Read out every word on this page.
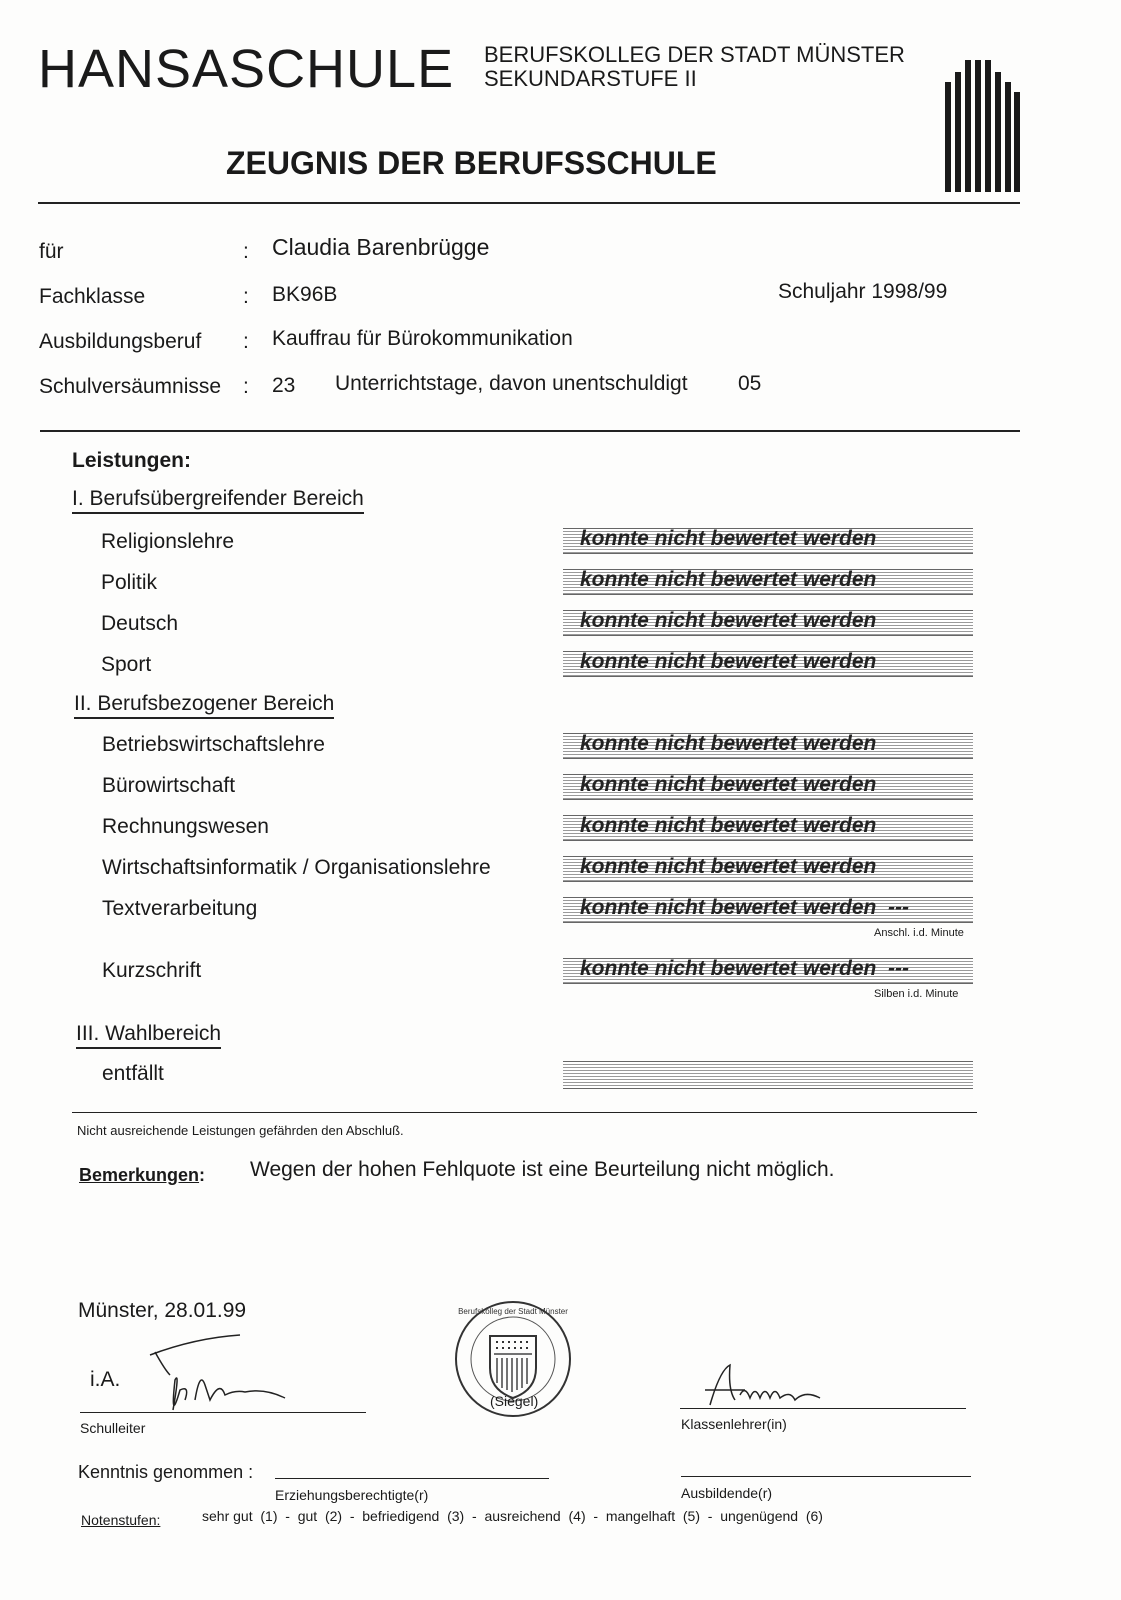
HANSASCHULE BERUFSKOLLEG DER STADT MÜNSTER
SEKUNDARSTUFE II
ZEUGNIS DER BERUFSSCHULE
für	: Claudia Barenbrügge
Fachklasse	: BK96B	Schuljahr 1998/99
Ausbildungsberuf : Kauffrau für Bürokommunikation
Schulversäumnisse : 23 Unterrichtstage, davon unentschuldigt 05
Leistungen:
I. Berufsübergreifender Bereich
II. Berufsbezogener Bereich
III. Wahlbereich
Religionslehre	konnte nicht bewertet werden
Politik	konnte nicht bewertet werden
Deutsch	konnte nicht bewertet werden
Sport	konnte nicht bewertet werden
Betriebswirtschaftslehre	konnte nicht bewertet werden
Bürowirtschaft	konnte nicht bewertet werden
Rechnungswesen	konnte nicht bewertet werden
Wirtschaftsinformatik / Organisationslehre	konnte nicht bewertet werden
Textverarbeitung	konnte nicht bewertet werden  ---
Anschl. i.d. Minute
Kurzschrift	konnte nicht bewertet werden  ---
Silben i.d. Minute
entfällt
Nicht ausreichende Leistungen gefährden den Abschluß.
Bemerkungen: Wegen der hohen Fehlquote ist eine Beurteilung nicht möglich.
Münster, 28.01.99
i.A.
Schulleiter
Berufskolleg der Stadt Münster
(Siegel)
Klassenlehrer(in)
Kenntnis genommen :
Erziehungsberechtigte(r)	Ausbildende(r)
Notenstufen:	sehr gut  (1)  -  gut  (2)  -  befriedigend  (3)  -  ausreichend  (4)  -  mangelhaft  (5)  -  ungenügend  (6)
